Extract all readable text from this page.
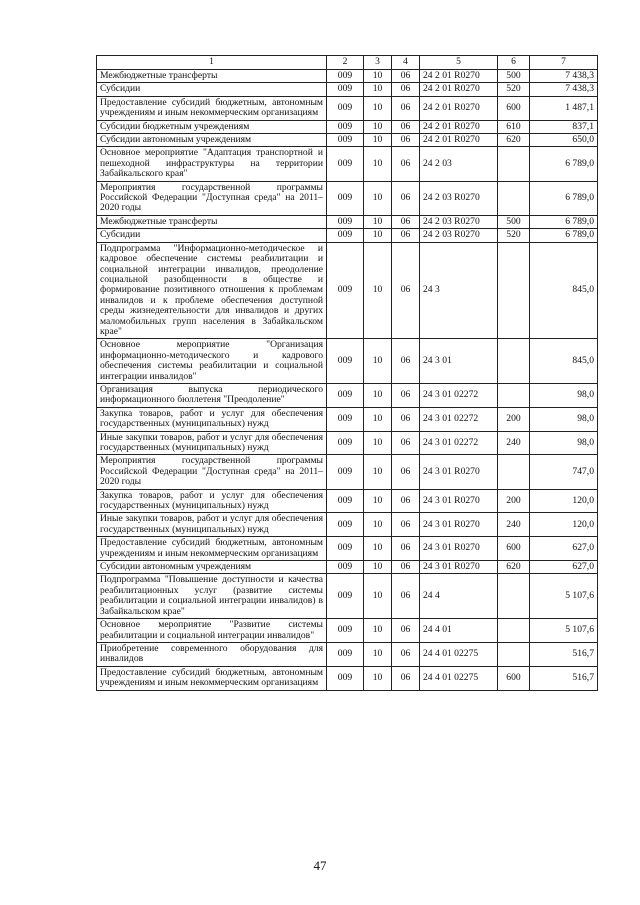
1	2	3	4	5	6	7
Межбюджетные трансферты	009	10	06	24 2 01 R0270	500	7 438,3
Субсидии	009	10	06	24 2 01 R0270	520	7 438,3
Предоставление субсидий бюджетным, автономным учреждениям и иным некоммерческим организациям	009	10	06	24 2 01 R0270	600	1 487,1
Субсидии бюджетным учреждениям	009	10	06	24 2 01 R0270	610	837,1
Субсидии автономным учреждениям	009	10	06	24 2 01 R0270	620	650,0
Основное мероприятие "Адаптация транспортной и пешеходной инфраструктуры на территории Забайкальского края"	009	10	06	24 2 03		6 789,0
Мероприятия государственной программы Российской Федерации "Доступная среда" на 2011–2020 годы	009	10	06	24 2 03 R0270		6 789,0
Межбюджетные трансферты	009	10	06	24 2 03 R0270	500	6 789,0
Субсидии	009	10	06	24 2 03 R0270	520	6 789,0
Подпрограмма "Информационно-методическое и кадровое обеспечение системы реабилитации и социальной интеграции инвалидов, преодоление социальной разобщенности в обществе и формирование позитивного отношения к проблемам инвалидов и к проблеме обеспечения доступной среды жизнедеятельности для инвалидов и других маломобильных групп населения в Забайкальском крае"	009	10	06	24 3		845,0
Основное мероприятие "Организация информационно-методического и кадрового обеспечения системы реабилитации и социальной интеграции инвалидов"	009	10	06	24 3 01		845,0
Организация выпуска периодического информационного бюллетеня "Преодоление"	009	10	06	24 3 01 02272		98,0
Закупка товаров, работ и услуг для обеспечения государственных (муниципальных) нужд	009	10	06	24 3 01 02272	200	98,0
Иные закупки товаров, работ и услуг для обеспечения государственных (муниципальных) нужд	009	10	06	24 3 01 02272	240	98,0
Мероприятия государственной программы Российской Федерации "Доступная среда" на 2011–2020 годы	009	10	06	24 3 01 R0270		747,0
Закупка товаров, работ и услуг для обеспечения государственных (муниципальных) нужд	009	10	06	24 3 01 R0270	200	120,0
Иные закупки товаров, работ и услуг для обеспечения государственных (муниципальных) нужд	009	10	06	24 3 01 R0270	240	120,0
Предоставление субсидий бюджетным, автономным учреждениям и иным некоммерческим организациям	009	10	06	24 3 01 R0270	600	627,0
Субсидии автономным учреждениям	009	10	06	24 3 01 R0270	620	627,0
Подпрограмма "Повышение доступности и качества реабилитационных услуг (развитие системы реабилитации и социальной интеграции инвалидов) в Забайкальском крае"	009	10	06	24 4		5 107,6
Основное мероприятие "Развитие системы реабилитации и социальной интеграции инвалидов"	009	10	06	24 4 01		5 107,6
Приобретение современного оборудования для инвалидов	009	10	06	24 4 01 02275		516,7
Предоставление субсидий бюджетным, автономным учреждениям и иным некоммерческим организациям	009	10	06	24 4 01 02275	600	516,7
47
